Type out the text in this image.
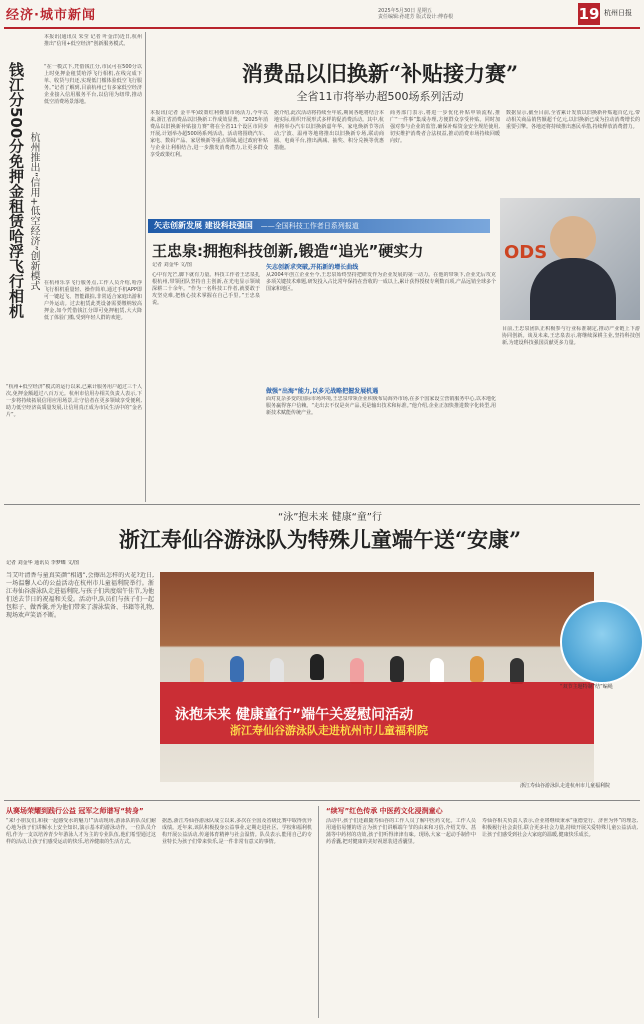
经济·城市新闻	2025年5月30日 星期五
责任编辑:孙建芳 版式设计:傅春根	19 杭州日报
本报讯(通讯员 朱莹 记者 叶金洋)近日,杭州推出“信用+低空经济”创新服务模式。
钱江分500分免押金租赁哈浮飞行相机 杭州推出“信用+低空经济”创新模式
“在一模式下,凭借钱江分,市民可在500分以上时免押金租赁哈浮飞行相机,在线完成下单、收货与归还,实现低门槛体验低空飞行服务。”记者了解到,目前杭州已有多家低空经济企业接入信用服务平台,以信用为纽带,推动低空消费场景落地。
在杭州乐享飞行服务点,工作人员介绍,哈浮飞行相机重量轻、操作简单,通过手机APP即可一键起飞、智能跟拍,非常适合家庭出游和户外运动。过去租赁此类设备需要缴纳较高押金,如今凭借钱江分即可免押租赁,大大降低了体验门槛,受到年轻人群的欢迎。
“杭州+低空经济”模式的运行以来,已累计服务用户超过三千人次,免押金额超过八百万元。杭州市信用办相关负责人表示,下一步将持续拓展信用应用场景,让守信者在更多领域享受便利,助力低空经济高质量发展,让信用真正成为市民生活中的“金名片”。
消费品以旧换新“补贴接力赛”
全省11市将举办超500场系列活动
本报讯(记者 金丰华)政策红利叠加市场活力,今年以来,浙江省消费品以旧换新工作成效显著。“2025年消费品以旧换新补贴接力赛”将在全省11个设区市同步开展,计划举办超500场系列活动。活动将围绕汽车、家电、数码产品、家居焕新等重点领域,通过政府补贴与企业让利相结合,进一步激发消费潜力,让更多群众享受政策红利。
据介绍,此次活动将持续至年底,期间各地将结合本地实际,组织开展形式多样的促消费活动。其中,杭州将举办汽车以旧换新嘉年华、家电焕新节等活动;宁波、温州等地将推出以旧换新专场,联动商圈、电商平台,推出满减、抽奖、积分兑换等优惠措施。
商务部门表示,将进一步优化补贴申领流程,推广“一件事”集成办理,方便群众享受补贴。同时加强对参与企业的监管,确保补贴资金安全规范使用,切实维护消费者合法权益,推动消费市场持续回暖向好。
数据显示,截至目前,全省累计发放以旧换新补贴超百亿元,带动相关商品销售额超千亿元,以旧换新已成为拉动消费增长的重要引擎。各地还将持续推出惠民举措,持续释放消费潜力。
矢志创新发展 建设科技强国 ——全国科技工作者日系列报道
王忠泉:拥抱科技创新,锻造“追光”硬实力	ODS
记者 刘金华 文/图
心中有光芒,脚下就有力量。科技工作者王忠泉扎根杭州,带领团队坚持自主创新,在光电显示领域深耕二十余年。“作为一名科技工作者,就要敢于攻坚克难,把核心技术掌握在自己手里。”王忠泉说。
矢志创新求突破,开拓新的增长曲线
从2004年创立企业至今,王忠泉始终坚持把研发作为企业发展的第一动力。在他的带领下,企业先后攻克多项关键技术难题,研发投入占比常年保持在营收的一成以上,累计获得授权专利数百项,产品远销全球多个国家和地区。
做强“出海”能力,以多元战略把握发展机遇
面对复杂多变的国际市场环境,王忠泉带领企业积极布局海外市场,在多个国家设立营销服务中心,以本地化服务赢得客户信赖。“走出去不仅是卖产品,更是输出技术和标准。”他介绍,企业正加快推进数字化转型,用新技术赋能传统产业。
目前,王忠泉团队正积极参与行业标准制定,推动产业链上下游协同创新。谈及未来,王忠泉表示,将继续深耕主业,坚持科技创新,为建设科技强国贡献更多力量。
“泳”抱未来 健康“童”行
浙江寿仙谷游泳队为特殊儿童端午送“安康”
记者 刘金华 通讯员 李梦蝶 文/图
当艾叶清香与童真笑颜“相遇”,会擦出怎样的火花?近日,一场温馨人心的公益活动在杭州市儿童福利院举行。浙江寿仙谷游泳队走进福利院,与孩子们共度端午佳节,为他们送去节日的祝福和关爱。活动中,队员们与孩子们一起包粽子、做香囊,并为他们带来了游泳装备、书籍等礼物,现场欢声笑语不断。
泳抱未来 健康童行”端午关爱慰问活动
浙江寿仙谷游泳队走进杭州市儿童福利院
“双节主题特制”结”编绳
浙江寿仙谷游泳队走进杭州市儿童福利院
从赛场荣耀到践行公益 冠军之师谱写“转身”
“来!小朋友们,和我一起感受水的魅力!”活动现场,游泳队的队员们耐心地为孩子们讲解水上安全知识,演示基本的游泳动作。一位队员介绍,作为一支以培养青少年游泳人才为主的专业队伍,他们希望通过这样的活动,让孩子们感受运动的快乐,培养健康的生活方式。
据悉,浙江寿仙谷游泳队成立以来,多次在全国及省级比赛中取得优异成绩。近年来,该队积极投身公益事业,定期走进社区、学校和福利机构开展公益活动,传递体育精神与社会温情。队员表示,能用自己的专业特长为孩子们带来快乐,是一件非常有意义的事情。
“续写”红色传承 中医药文化浸润童心
活动中,孩子们还跟随寿仙谷的工作人员了解中医药文化。工作人员用通俗易懂的语言为孩子们讲解端午节的由来和习俗,介绍艾草、菖蒲等中药材的功效,孩子们听得津津有味。现场,大家一起动手制作中药香囊,把对健康的美好祝愿装进香囊里。
寿仙谷相关负责人表示,企业将继续秉承“重德觉行、济世为怀”的理念,积极履行社会责任,联合更多社会力量,持续开展关爱特殊儿童公益活动,让孩子们感受到社会大家庭的温暖,健康快乐成长。
